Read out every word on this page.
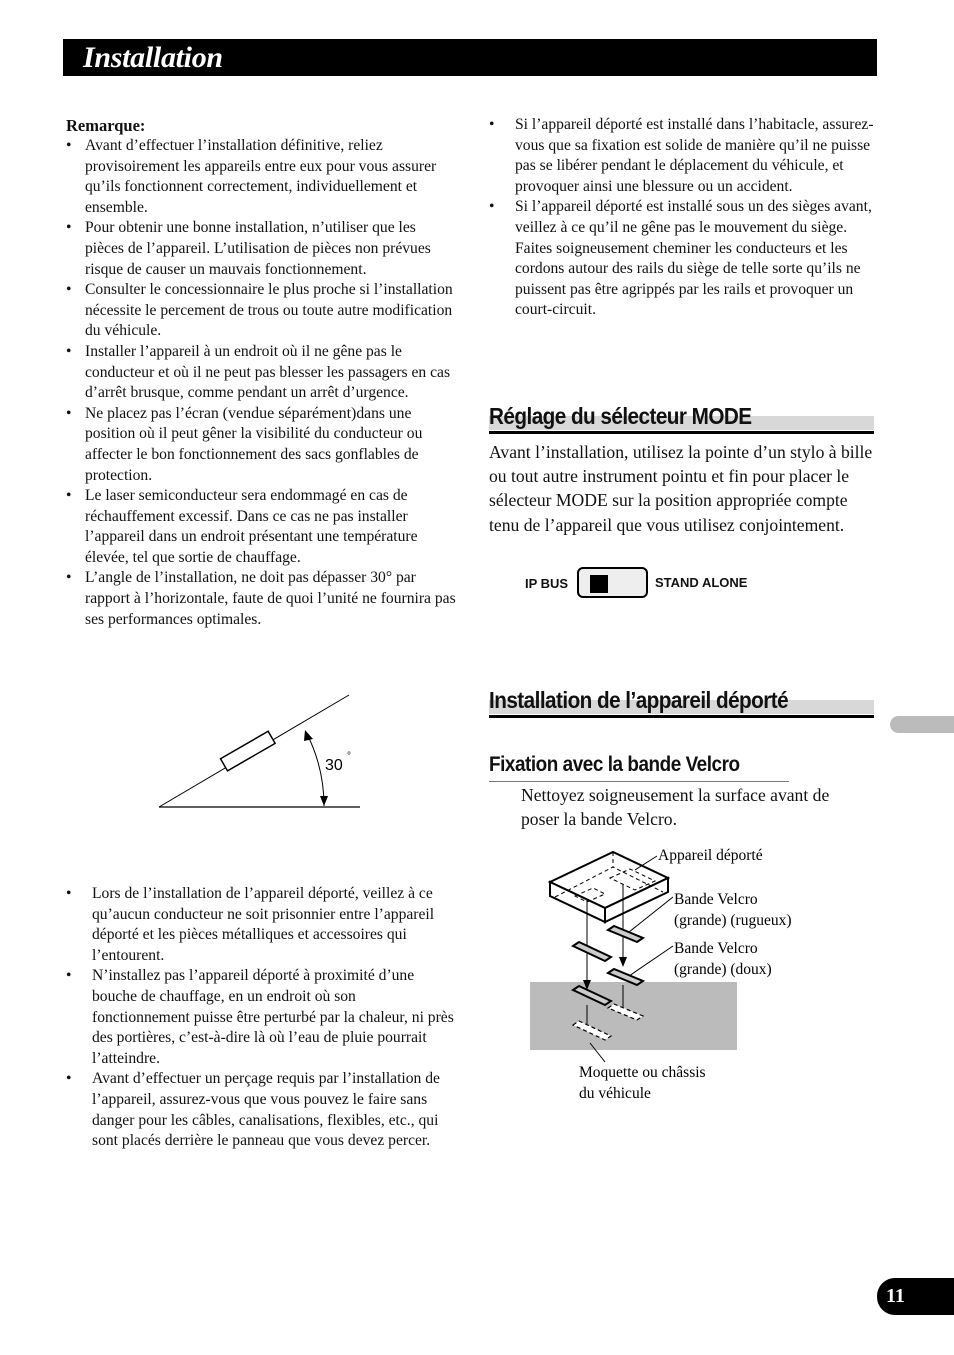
Installation
Remarque:
• Avant d’effectuer l’installation définitive, reliez provisoirement les appareils entre eux pour vous assurer qu’ils fonctionnent correctement, individuellement et ensemble.
• Pour obtenir une bonne installation, n’utiliser que les pièces de l’appareil. L’utilisation de pièces non prévues risque de causer un mauvais fonctionnement.
• Consulter le concessionnaire le plus proche si l’installation nécessite le percement de trous ou toute autre modification du véhicule.
• Installer l’appareil à un endroit où il ne gêne pas le conducteur et où il ne peut pas blesser les passagers en cas d’arrêt brusque, comme pendant un arrêt d’urgence.
• Ne placez pas l’écran (vendue séparément)dans une position où il peut gêner la visibilité du conducteur ou affecter le bon fonctionnement des sacs gonflables de protection.
• Le laser semiconducteur sera endommagé en cas de réchauffement excessif. Dans ce cas ne pas installer l’appareil dans un endroit présentant une température élevée, tel que sortie de chauffage.
• L’angle de l’installation, ne doit pas dépasser 30° par rapport à l’horizontale, faute de quoi l’unité ne fournira pas ses performances optimales.
30
°
• Lors de l’installation de l’appareil déporté, veillez à ce qu’aucun conducteur ne soit prisonnier entre l’appareil déporté et les pièces métalliques et accessoires qui l’entourent.
• N’installez pas l’appareil déporté à proximité d’une bouche de chauffage, en un endroit où son fonctionnement puisse être perturbé par la chaleur, ni près des portières, c’est-à-dire là où l’eau de pluie pourrait l’atteindre.
• Avant d’effectuer un perçage requis par l’installation de l’appareil, assurez-vous que vous pouvez le faire sans danger pour les câbles, canalisations, flexibles, etc., qui sont placés derrière le panneau que vous devez percer.
• Si l’appareil déporté est installé dans l’habitacle, assurez-vous que sa fixation est solide de manière qu’il ne puisse pas se libérer pendant le déplacement du véhicule, et provoquer ainsi une blessure ou un accident.
• Si l’appareil déporté est installé sous un des sièges avant, veillez à ce qu’il ne gêne pas le mouvement du siège. Faites soigneusement cheminer les conducteurs et les cordons autour des rails du siège de telle sorte qu’ils ne puissent pas être agrippés par les rails et provoquer un court-circuit.
Réglage du sélecteur MODE
Avant l’installation, utilisez la pointe d’un stylo à bille ou tout autre instrument pointu et fin pour placer le sélecteur MODE sur la position appropriée compte tenu de l’appareil que vous utilisez conjointement.
IP BUS	STAND ALONE
Installation de l’appareil déporté
Fixation avec la bande Velcro
Nettoyez soigneusement la surface avant de poser la bande Velcro.
Appareil déporté
Bande Velcro
(grande) (rugueux)
Bande Velcro
(grande) (doux)
Moquette ou châssis
du véhicule
11
